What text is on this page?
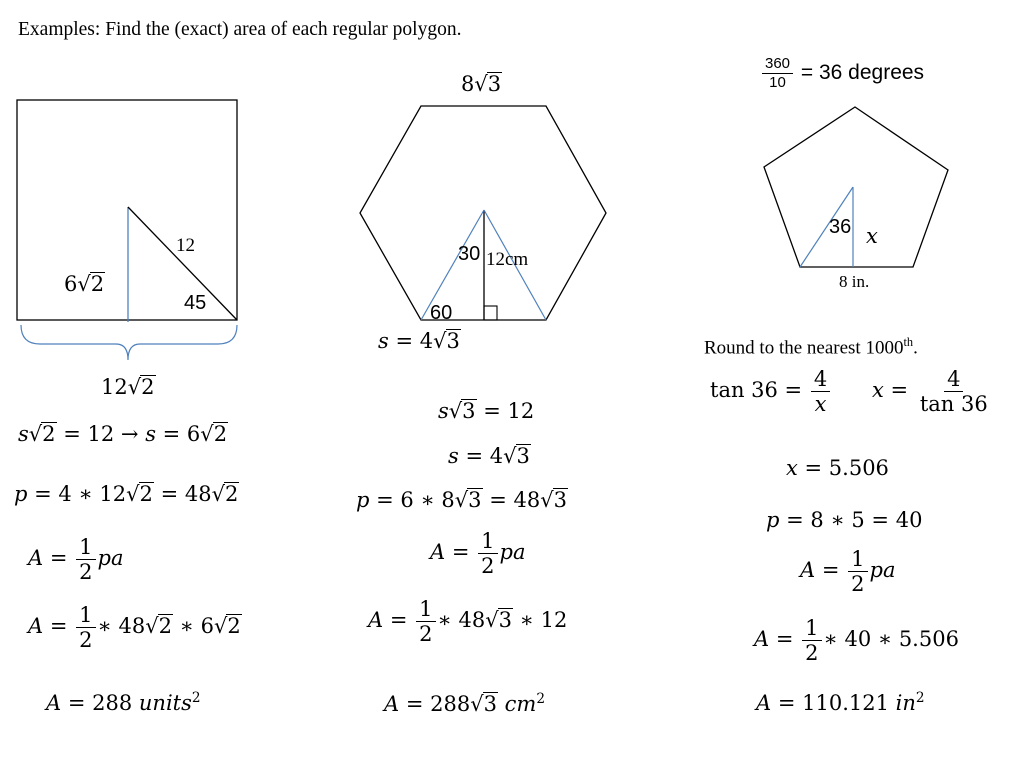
Examples: Find the (exact) area of each regular polygon.
12
45
6√2
12√2
s√2 = 12 → s = 6√2
p = 4 ∗ 12√2 = 48√2
$A = \frac{1}{2}$ pa
$A = \frac{1}{2}$ ∗ 48√2 ∗ 6√2
A = 288 units$^2$
8√3
30 12cm
60
s = 4√3
s√3 = 12
s = 4√3
p = 6 ∗ 8√3 = 48√3
$A = \frac{1}{2}$ pa
$A = \frac{1}{2}$ ∗ 48√3 ∗ 12
A = 288√3 $cm^2$
$\frac{360}{10} = 36$ degrees
36 x
8 in.
Round to the nearest 1000th.
$\tan 36 = \frac{4}{x}$ $x = \frac{4}{\tan 36}$
x = 5.506
p = 8 ∗ 5 = 40
$A = \frac{1}{2}$ pa
$A = \frac{1}{2}$ ∗ 40 ∗ 5.506
A = 110.121 $in^2$
